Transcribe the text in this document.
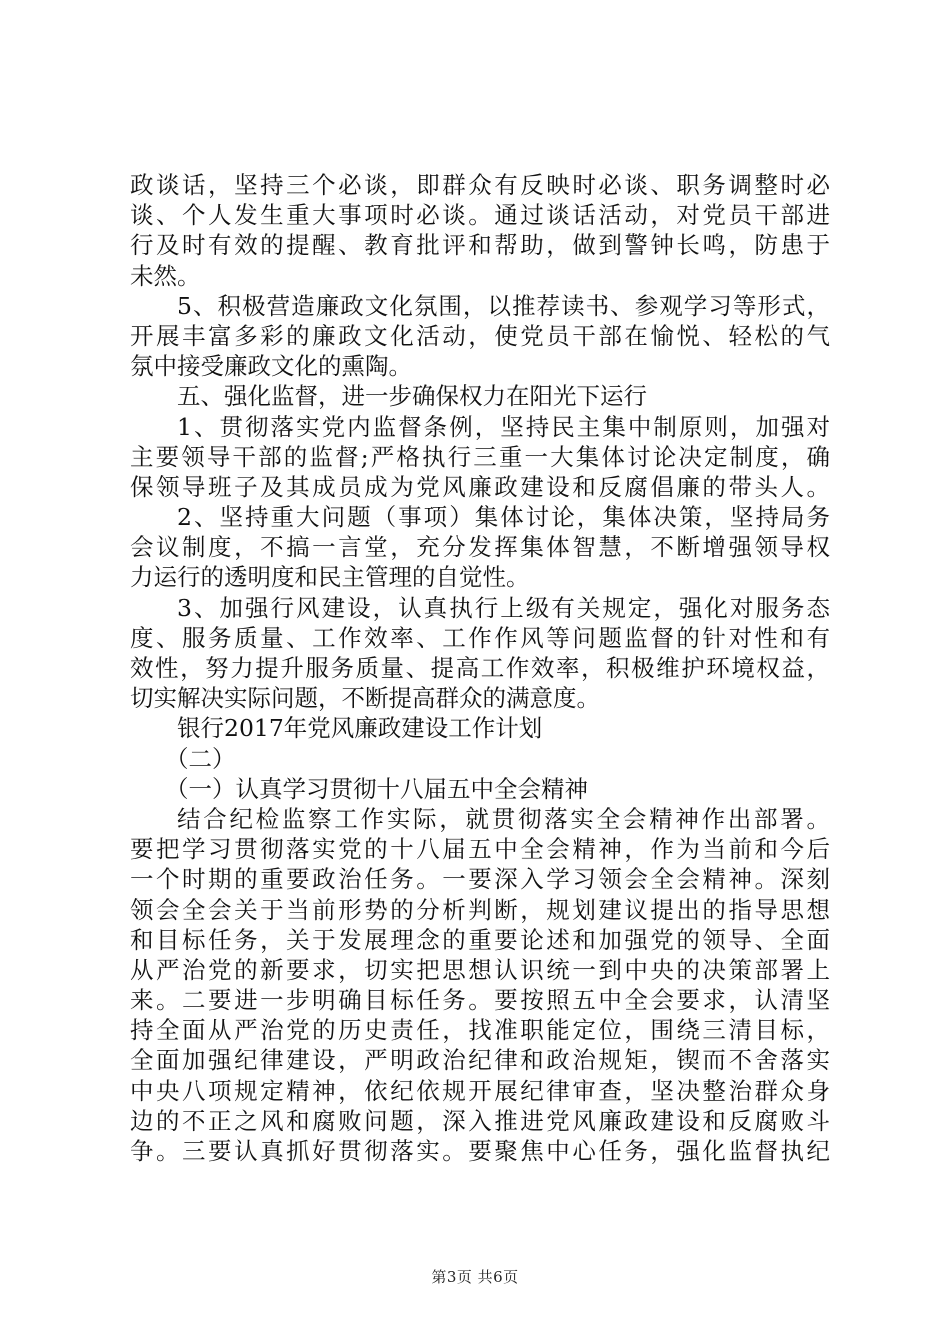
政谈话，坚持三个必谈，即群众有反映时必谈、职务调整时必
谈、个人发生重大事项时必谈。通过谈话活动，对党员干部进
行及时有效的提醒、教育批评和帮助，做到警钟长鸣，防患于
未然。
5、积极营造廉政文化氛围，以推荐读书、参观学习等形式，
开展丰富多彩的廉政文化活动，使党员干部在愉悦、轻松的气
氛中接受廉政文化的熏陶。
五、强化监督，进一步确保权力在阳光下运行
1、贯彻落实党内监督条例，坚持民主集中制原则，加强对
主要领导干部的监督;严格执行三重一大集体讨论决定制度，确
保领导班子及其成员成为党风廉政建设和反腐倡廉的带头人。
2、坚持重大问题（事项）集体讨论，集体决策，坚持局务
会议制度，不搞一言堂，充分发挥集体智慧，不断增强领导权
力运行的透明度和民主管理的自觉性。
3、加强行风建设，认真执行上级有关规定，强化对服务态
度、服务质量、工作效率、工作作风等问题监督的针对性和有
效性，努力提升服务质量、提高工作效率，积极维护环境权益，
切实解决实际问题，不断提高群众的满意度。
银行2017年党风廉政建设工作计划
（二）
（一）认真学习贯彻十八届五中全会精神
结合纪检监察工作实际，就贯彻落实全会精神作出部署。
要把学习贯彻落实党的十八届五中全会精神，作为当前和今后
一个时期的重要政治任务。一要深入学习领会全会精神。深刻
领会全会关于当前形势的分析判断，规划建议提出的指导思想
和目标任务，关于发展理念的重要论述和加强党的领导、全面
从严治党的新要求，切实把思想认识统一到中央的决策部署上
来。二要进一步明确目标任务。要按照五中全会要求，认清坚
持全面从严治党的历史责任，找准职能定位，围绕三清目标，
全面加强纪律建设，严明政治纪律和政治规矩，锲而不舍落实
中央八项规定精神，依纪依规开展纪律审查，坚决整治群众身
边的不正之风和腐败问题，深入推进党风廉政建设和反腐败斗
争。三要认真抓好贯彻落实。要聚焦中心任务，强化监督执纪
第3页 共6页
